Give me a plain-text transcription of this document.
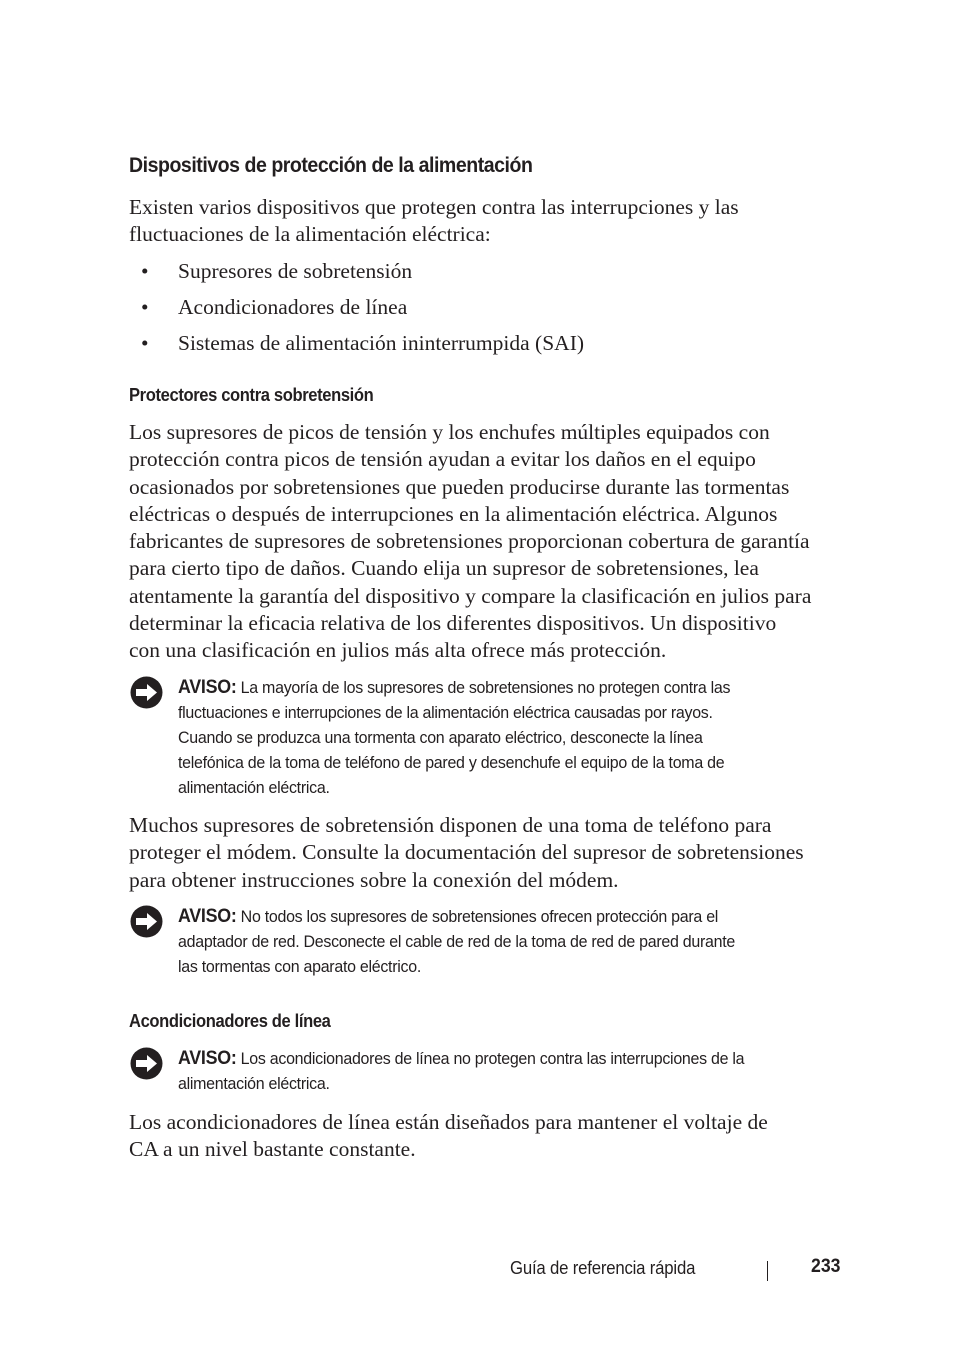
Dispositivos de protección de la alimentación

Existen varios dispositivos que protegen contra las interrupciones y las
fluctuaciones de la alimentación eléctrica:

• Supresores de sobretensión
• Acondicionadores de línea
• Sistemas de alimentación ininterrumpida (SAI)
Protectores contra sobretensión

Los supresores de picos de tensión y los enchufes múltiples equipados con
protección contra picos de tensión ayudan a evitar los daños en el equipo
ocasionados por sobretensiones que pueden producirse durante las tormentas
eléctricas o después de interrupciones en la alimentación eléctrica. Algunos
fabricantes de supresores de sobretensiones proporcionan cobertura de garantía
para cierto tipo de daños. Cuando elija un supresor de sobretensiones, lea
atentamente la garantía del dispositivo y compare la clasificación en julios para
determinar la eficacia relativa de los diferentes dispositivos. Un dispositivo
con una clasificación en julios más alta ofrece más protección.

AVISO: La mayoría de los supresores de sobretensiones no protegen contra las
fluctuaciones e interrupciones de la alimentación eléctrica causadas por rayos.
Cuando se produzca una tormenta con aparato eléctrico, desconecte la línea
telefónica de la toma de teléfono de pared y desenchufe el equipo de la toma de
alimentación eléctrica.

Muchos supresores de sobretensión disponen de una toma de teléfono para
proteger el módem. Consulte la documentación del supresor de sobretensiones
para obtener instrucciones sobre la conexión del módem.

AVISO: No todos los supresores de sobretensiones ofrecen protección para el
adaptador de red. Desconecte el cable de red de la toma de red de pared durante
las tormentas con aparato eléctrico.
Acondicionadores de línea
AVISO: Los acondicionadores de línea no protegen contra las interrupciones de la
alimentación eléctrica.

Los acondicionadores de línea están diseñados para mantener el voltaje de
CA a un nivel bastante constante.

Guía de referencia rápida	233
